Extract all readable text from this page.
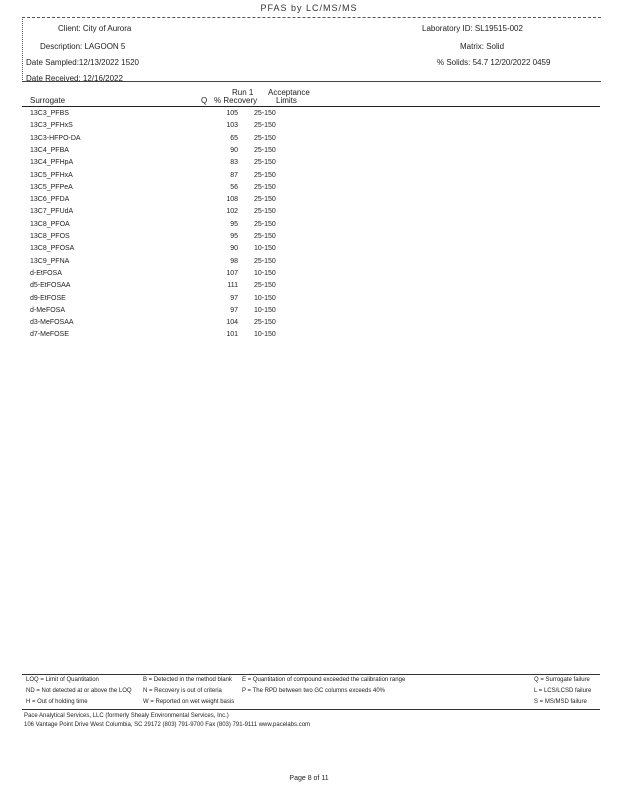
PFAS by LC/MS/MS
Client: City of Aurora
Description: LAGOON 5
Date Sampled:12/13/2022 1520
Date Received: 12/16/2022
Laboratory ID: SL19515-002
Matrix: Solid
% Solids: 54.7 12/20/2022 0459
Surrogate	Q
Run 1
% Recovery
Acceptance
Limits
13C3_PFBS	105 25-150
13C3_PFHxS	103 25-150
13C3-HFPO-DA	65 25-150
13C4_PFBA	90 25-150
13C4_PFHpA	83 25-150
13C5_PFHxA	87 25-150
13C5_PFPeA	56 25-150
13C6_PFDA	108 25-150
13C7_PFUdA	102 25-150
13C8_PFOA	95 25-150
13C8_PFOS	95 25-150
13C8_PFOSA	90 10-150
13C9_PFNA	98 25-150
d-EtFOSA	107 10-150
d5-EtFOSAA	111 25-150
d9-EtFOSE	97 10-150
d-MeFOSA	97 10-150
d3-MeFOSAA	104 25-150
d7-MeFOSE	101 10-150
LOQ = Limit of Quantitation
ND = Not detected at or above the LOQ
H = Out of holding time
B = Detected in the method blank
N = Recovery is out of criteria
W = Reported on wet weight basis
E = Quantitation of compound exceeded the calibration range
P = The RPD between two GC columns exceeds 40%
Q = Surrogate failure
L = LCS/LCSD failure
S = MS/MSD failure
Pace Analytical Services, LLC (formerly Shealy Environmental Services, Inc.)
106 Vantage Point Drive West Columbia, SC 29172 (803) 791-9700 Fax (803) 791-9111 www.pacelabs.com
Page 8 of 11
